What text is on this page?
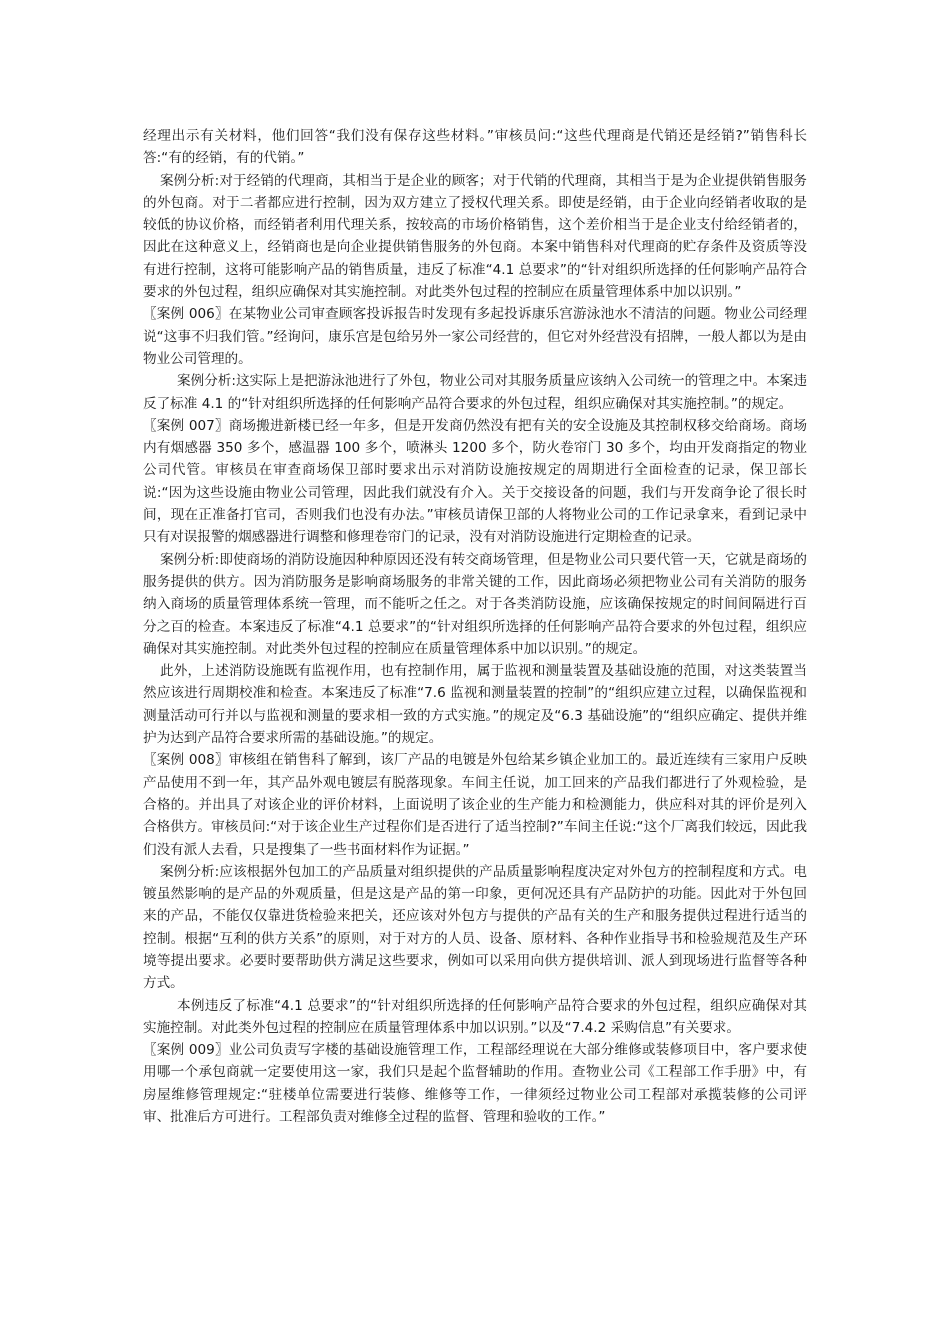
经理出示有关材料，他们回答“我们没有保存这些材料。”审核员问:“这些代理商是代销还是经销?”销售科长答:“有的经销，有的代销。”

案例分析:对于经销的代理商，其相当于是企业的顾客；对于代销的代理商，其相当于是为企业提供销售服务的外包商。对于二者都应进行控制，因为双方建立了授权代理关系。即使是经销，由于企业向经销者收取的是较低的协议价格，而经销者利用代理关系，按较高的市场价格销售，这个差价相当于是企业支付给经销者的，因此在这种意义上，经销商也是向企业提供销售服务的外包商。本案中销售科对代理商的贮存条件及资质等没有进行控制，这将可能影响产品的销售质量，违反了标准“4.1 总要求”的“针对组织所选择的任何影响产品符合要求的外包过程，组织应确保对其实施控制。对此类外包过程的控制应在质量管理体系中加以识别。”

〖案例 006〗在某物业公司审查顾客投诉报告时发现有多起投诉康乐宫游泳池水不清洁的问题。物业公司经理说“这事不归我们管。”经询问，康乐宫是包给另外一家公司经营的，但它对外经营没有招牌，一般人都以为是由物业公司管理的。

案例分析:这实际上是把游泳池进行了外包，物业公司对其服务质量应该纳入公司统一的管理之中。本案违反了标准 4.1 的“针对组织所选择的任何影响产品符合要求的外包过程，组织应确保对其实施控制。”的规定。

〖案例 007〗商场搬进新楼已经一年多，但是开发商仍然没有把有关的安全设施及其控制权移交给商场。商场内有烟感器 350 多个，感温器 100 多个，喷淋头 1200 多个，防火卷帘门 30 多个，均由开发商指定的物业公司代管。审核员在审查商场保卫部时要求出示对消防设施按规定的周期进行全面检查的记录，保卫部长说:“因为这些设施由物业公司管理，因此我们就没有介入。关于交接设备的问题，我们与开发商争论了很长时间，现在正准备打官司，否则我们也没有办法。”审核员请保卫部的人将物业公司的工作记录拿来，看到记录中只有对误报警的烟感器进行调整和修理卷帘门的记录，没有对消防设施进行定期检查的记录。

案例分析:即使商场的消防设施因种种原因还没有转交商场管理，但是物业公司只要代管一天，它就是商场的服务提供的供方。因为消防服务是影响商场服务的非常关键的工作，因此商场必须把物业公司有关消防的服务纳入商场的质量管理体系统一管理，而不能听之任之。对于各类消防设施，应该确保按规定的时间间隔进行百分之百的检查。本案违反了标准“4.1 总要求”的“针对组织所选择的任何影响产品符合要求的外包过程，组织应确保对其实施控制。对此类外包过程的控制应在质量管理体系中加以识别。”的规定。

此外，上述消防设施既有监视作用，也有控制作用，属于监视和测量装置及基础设施的范围，对这类装置当然应该进行周期校准和检查。本案违反了标准“7.6 监视和测量装置的控制”的“组织应建立过程，以确保监视和测量活动可行并以与监视和测量的要求相一致的方式实施。”的规定及“6.3 基础设施”的“组织应确定、提供并维护为达到产品符合要求所需的基础设施。”的规定。

〖案例 008〗审核组在销售科了解到，该厂产品的电镀是外包给某乡镇企业加工的。最近连续有三家用户反映产品使用不到一年，其产品外观电镀层有脱落现象。车间主任说，加工回来的产品我们都进行了外观检验，是合格的。并出具了对该企业的评价材料，上面说明了该企业的生产能力和检测能力，供应科对其的评价是列入合格供方。审核员问:“对于该企业生产过程你们是否进行了适当控制?”车间主任说:“这个厂离我们较远，因此我们没有派人去看，只是搜集了一些书面材料作为证据。”

案例分析:应该根据外包加工的产品质量对组织提供的产品质量影响程度决定对外包方的控制程度和方式。电镀虽然影响的是产品的外观质量，但是这是产品的第一印象，更何况还具有产品防护的功能。因此对于外包回来的产品，不能仅仅靠进货检验来把关，还应该对外包方与提供的产品有关的生产和服务提供过程进行适当的控制。根据“互利的供方关系”的原则，对于对方的人员、设备、原材料、各种作业指导书和检验规范及生产环境等提出要求。必要时要帮助供方满足这些要求，例如可以采用向供方提供培训、派人到现场进行监督等各种方式。

本例违反了标准“4.1 总要求”的“针对组织所选择的任何影响产品符合要求的外包过程，组织应确保对其实施控制。对此类外包过程的控制应在质量管理体系中加以识别。”以及“7.4.2 采购信息”有关要求。

〖案例 009〗业公司负责写字楼的基础设施管理工作，工程部经理说在大部分维修或装修项目中，客户要求使用哪一个承包商就一定要使用这一家，我们只是起个监督辅助的作用。查物业公司《工程部工作手册》中，有房屋维修管理规定:“驻楼单位需要进行装修、维修等工作，一律须经过物业公司工程部对承揽装修的公司评审、批准后方可进行。工程部负责对维修全过程的监督、管理和验收的工作。”
